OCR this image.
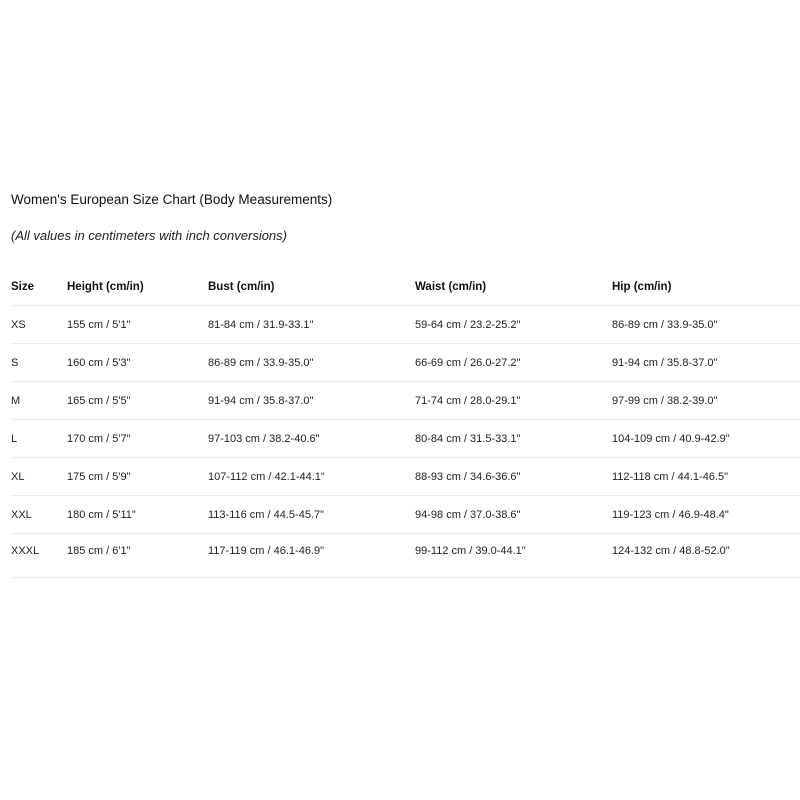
Women's European Size Chart (Body Measurements)

(All values in centimeters with inch conversions)

Size	Height (cm/in)	Bust (cm/in)	Waist (cm/in)	Hip (cm/in)
XS	155 cm / 5'1"	81-84 cm / 31.9-33.1"	59-64 cm / 23.2-25.2"	86-89 cm / 33.9-35.0"
S	160 cm / 5'3"	86-89 cm / 33.9-35.0"	66-69 cm / 26.0-27.2"	91-94 cm / 35.8-37.0"
M	165 cm / 5'5"	91-94 cm / 35.8-37.0"	71-74 cm / 28.0-29.1"	97-99 cm / 38.2-39.0"
L	170 cm / 5'7"	97-103 cm / 38.2-40.6"	80-84 cm / 31.5-33.1"	104-109 cm / 40.9-42.9"
XL	175 cm / 5'9"	107-112 cm / 42.1-44.1"	88-93 cm / 34.6-36.6"	112-118 cm / 44.1-46.5"
XXL	180 cm / 5'11"	113-116 cm / 44.5-45.7"	94-98 cm / 37.0-38.6"	119-123 cm / 46.9-48.4"
XXXL	185 cm / 6'1"	117-119 cm / 46.1-46.9"	99-112 cm / 39.0-44.1"	124-132 cm / 48.8-52.0"
